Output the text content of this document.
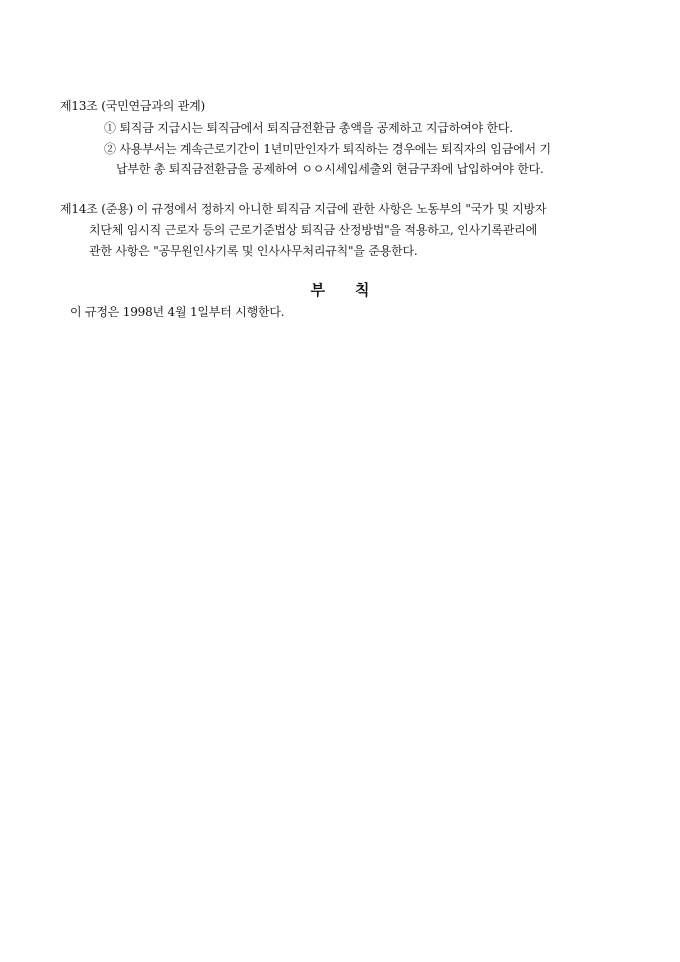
제13조 (국민연금과의 관계)
① 퇴직금 지급시는 퇴직금에서 퇴직금전환금 총액을 공제하고 지급하여야 한다.
② 사용부서는 계속근로기간이 1년미만인자가 퇴직하는 경우에는 퇴직자의 임금에서 기
납부한 총 퇴직금전환금을 공제하여 ㅇㅇ시세입세출외 현금구좌에 납입하여야 한다.
제14조 (준용) 이 규정에서 정하지 아니한 퇴직금 지급에 관한 사항은 노동부의 "국가 및 지방자
치단체 임시직 근로자 등의 근로기준법상 퇴직금 산정방법"을 적용하고, 인사기록관리에
관한 사항은 "공무원인사기록 및 인사사무처리규칙"을 준용한다.
부 칙
이 규정은 1998년 4월 1일부터 시행한다.
